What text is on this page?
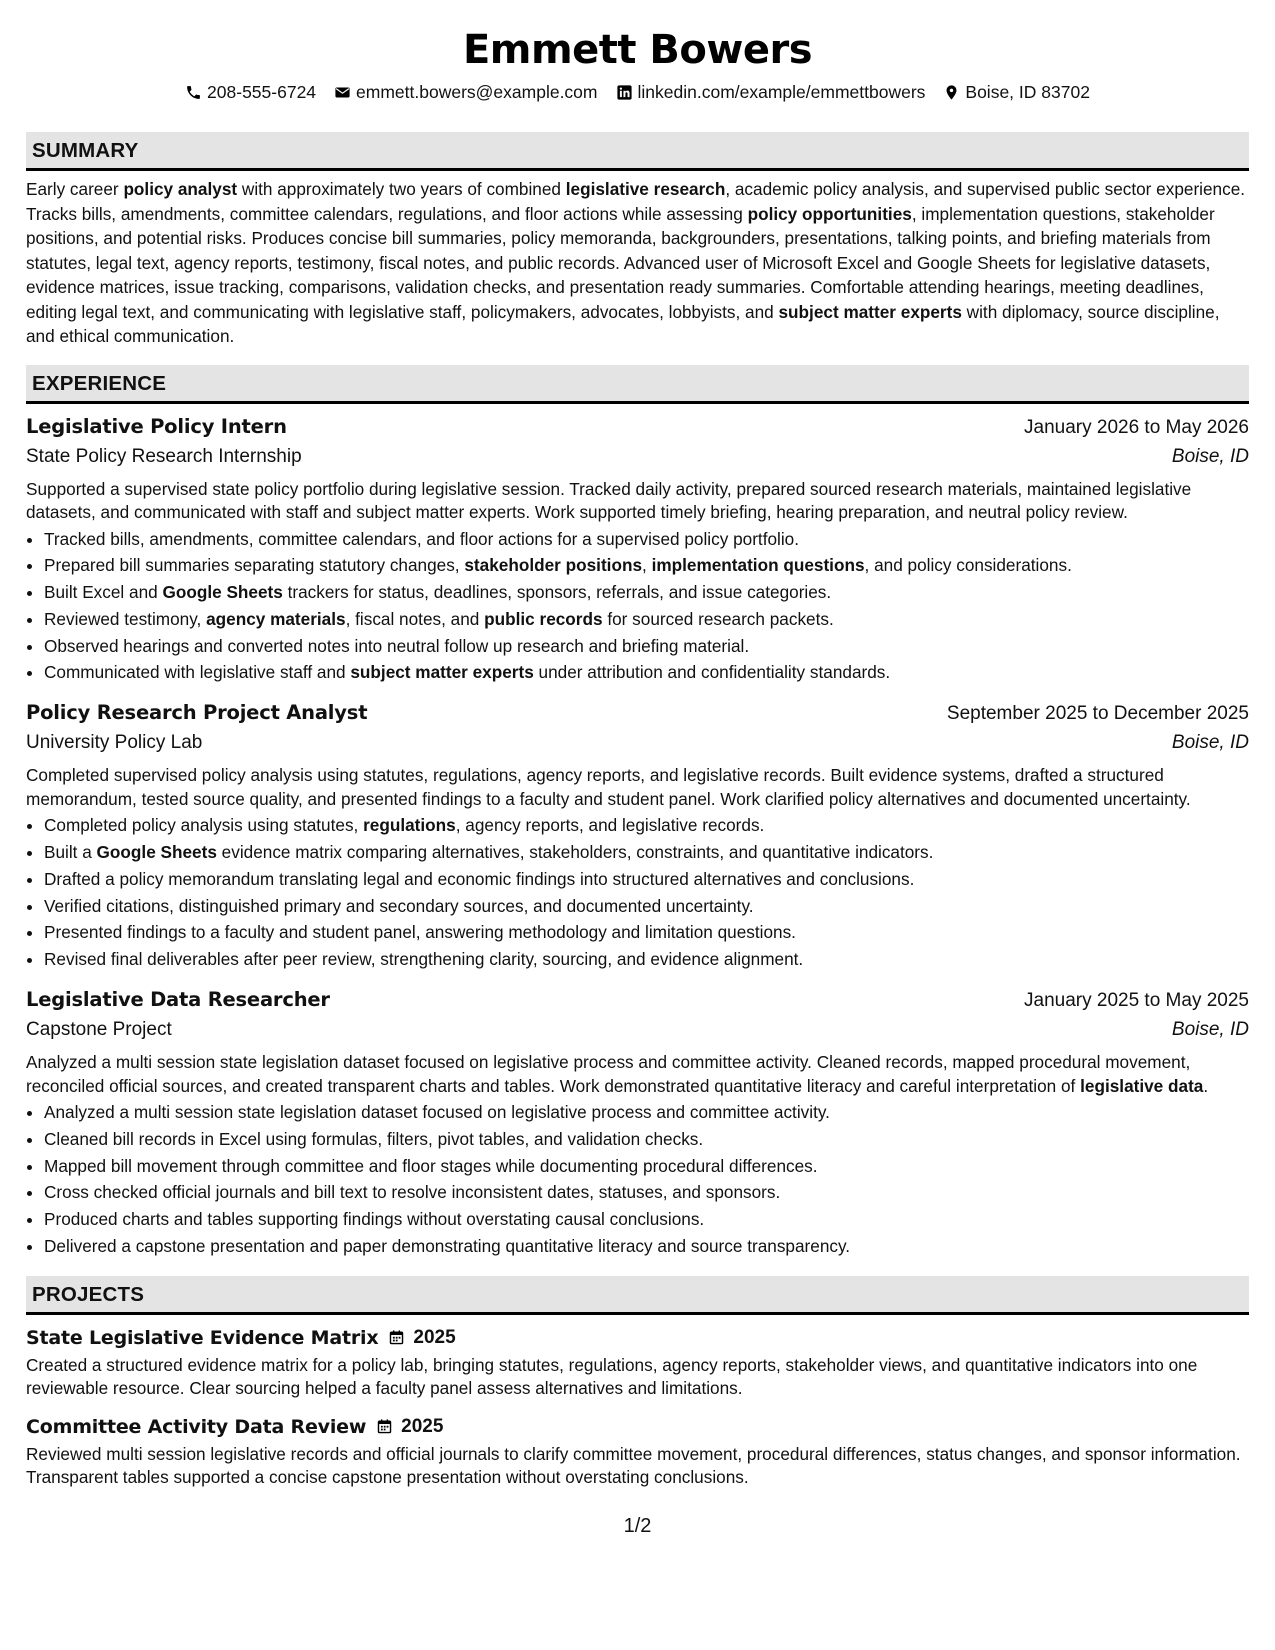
Emmett Bowers
208-555-6724 emmett.bowers@example.com linkedin.com/example/emmettbowers Boise, ID 83702
SUMMARY
Early career policy analyst with approximately two years of combined legislative research, academic policy analysis, and supervised public sector experience. Tracks bills, amendments, committee calendars, regulations, and floor actions while assessing policy opportunities, implementation questions, stakeholder positions, and potential risks. Produces concise bill summaries, policy memoranda, backgrounders, presentations, talking points, and briefing materials from statutes, legal text, agency reports, testimony, fiscal notes, and public records. Advanced user of Microsoft Excel and Google Sheets for legislative datasets, evidence matrices, issue tracking, comparisons, validation checks, and presentation ready summaries. Comfortable attending hearings, meeting deadlines, editing legal text, and communicating with legislative staff, policymakers, advocates, lobbyists, and subject matter experts with diplomacy, source discipline, and ethical communication.
EXPERIENCE
Legislative Policy Intern	January 2026 to May 2026
State Policy Research Internship	Boise, ID
Supported a supervised state policy portfolio during legislative session. Tracked daily activity, prepared sourced research materials, maintained legislative datasets, and communicated with staff and subject matter experts. Work supported timely briefing, hearing preparation, and neutral policy review.
• Tracked bills, amendments, committee calendars, and floor actions for a supervised policy portfolio.
• Prepared bill summaries separating statutory changes, stakeholder positions, implementation questions, and policy considerations.
• Built Excel and Google Sheets trackers for status, deadlines, sponsors, referrals, and issue categories.
• Reviewed testimony, agency materials, fiscal notes, and public records for sourced research packets.
• Observed hearings and converted notes into neutral follow up research and briefing material.
• Communicated with legislative staff and subject matter experts under attribution and confidentiality standards.
Policy Research Project Analyst	September 2025 to December 2025
University Policy Lab	Boise, ID
Completed supervised policy analysis using statutes, regulations, agency reports, and legislative records. Built evidence systems, drafted a structured memorandum, tested source quality, and presented findings to a faculty and student panel. Work clarified policy alternatives and documented uncertainty.
• Completed policy analysis using statutes, regulations, agency reports, and legislative records.
• Built a Google Sheets evidence matrix comparing alternatives, stakeholders, constraints, and quantitative indicators.
• Drafted a policy memorandum translating legal and economic findings into structured alternatives and conclusions.
• Verified citations, distinguished primary and secondary sources, and documented uncertainty.
• Presented findings to a faculty and student panel, answering methodology and limitation questions.
• Revised final deliverables after peer review, strengthening clarity, sourcing, and evidence alignment.
Legislative Data Researcher	January 2025 to May 2025
Capstone Project	Boise, ID
Analyzed a multi session state legislation dataset focused on legislative process and committee activity. Cleaned records, mapped procedural movement, reconciled official sources, and created transparent charts and tables. Work demonstrated quantitative literacy and careful interpretation of legislative data.
• Analyzed a multi session state legislation dataset focused on legislative process and committee activity.
• Cleaned bill records in Excel using formulas, filters, pivot tables, and validation checks.
• Mapped bill movement through committee and floor stages while documenting procedural differences.
• Cross checked official journals and bill text to resolve inconsistent dates, statuses, and sponsors.
• Produced charts and tables supporting findings without overstating causal conclusions.
• Delivered a capstone presentation and paper demonstrating quantitative literacy and source transparency.
PROJECTS
State Legislative Evidence Matrix 2025
Created a structured evidence matrix for a policy lab, bringing statutes, regulations, agency reports, stakeholder views, and quantitative indicators into one reviewable resource. Clear sourcing helped a faculty panel assess alternatives and limitations.
Committee Activity Data Review 2025
Reviewed multi session legislative records and official journals to clarify committee movement, procedural differences, status changes, and sponsor information. Transparent tables supported a concise capstone presentation without overstating conclusions.
1/2
